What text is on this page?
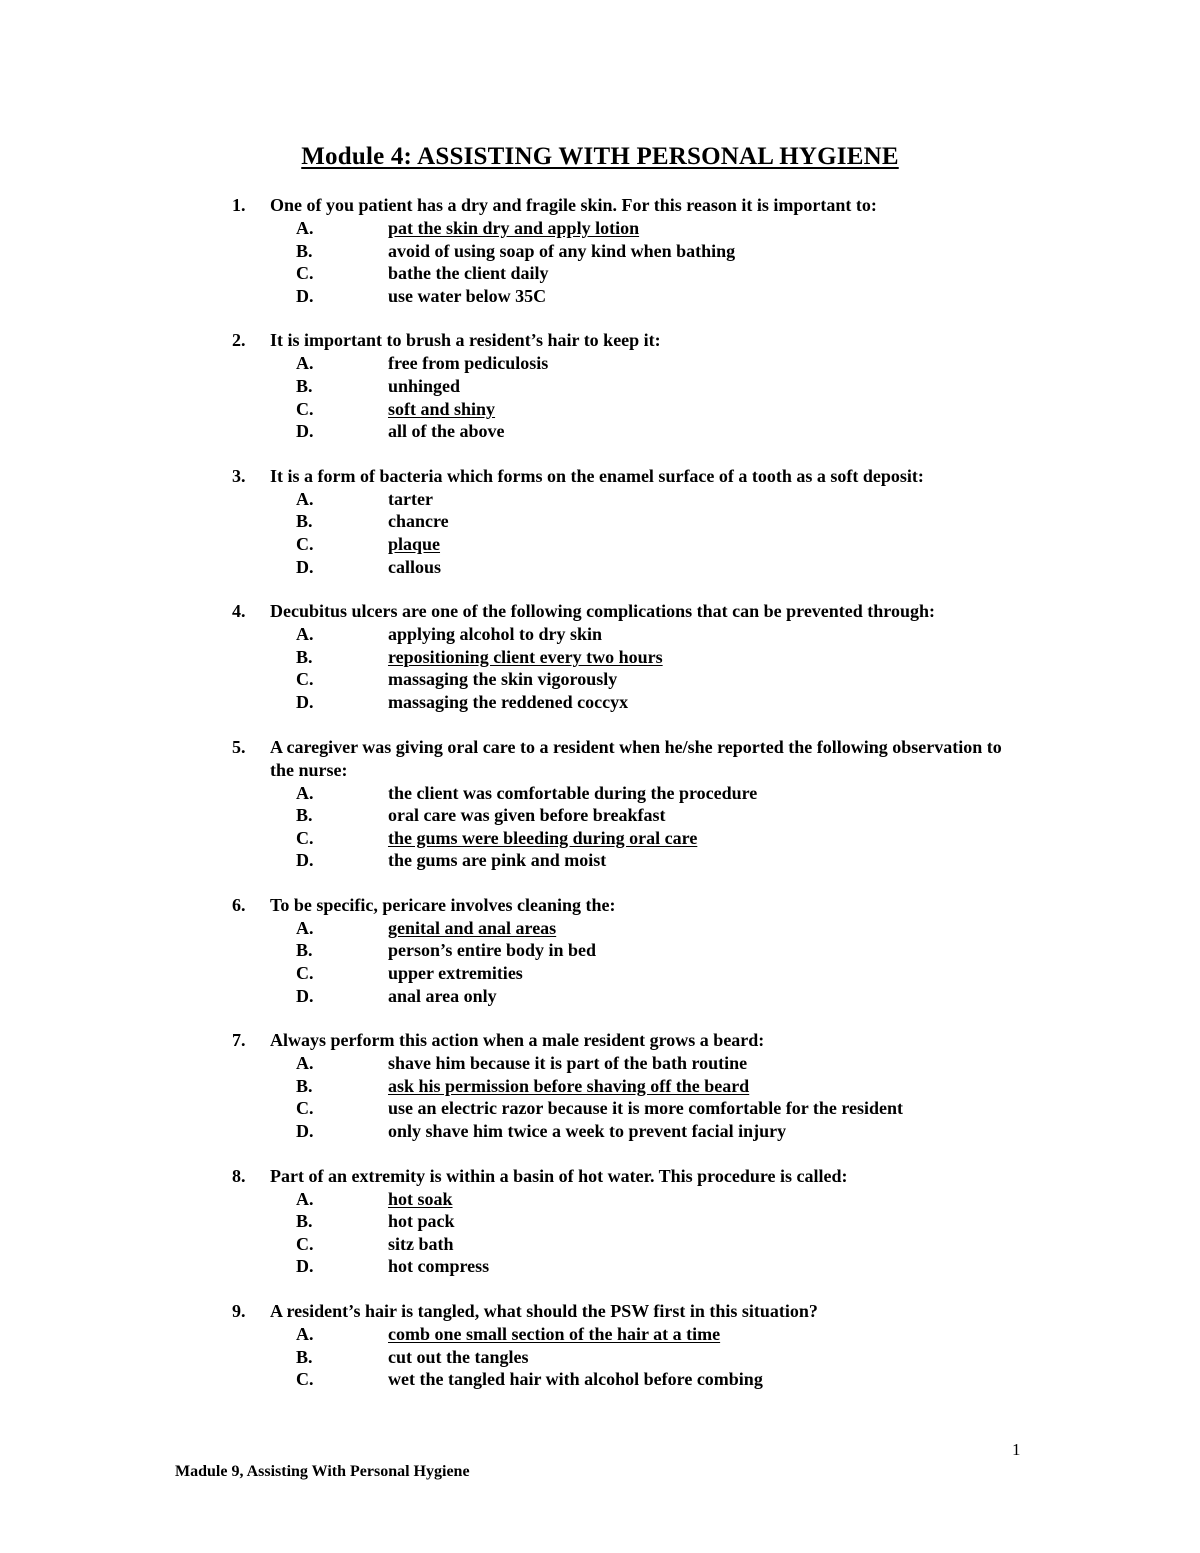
Module 4: ASSISTING WITH PERSONAL HYGIENE
1. One of you patient has a dry and fragile skin. For this reason it is important to:
A.	pat the skin dry and apply lotion
B.	avoid of using soap of any kind when bathing
C.	bathe the client daily
D.	use water below 35C
2. It is important to brush a resident’s hair to keep it:
A.	free from pediculosis
B.	unhinged
C.	soft and shiny
D.	all of the above
3. It is a form of bacteria which forms on the enamel surface of a tooth as a soft deposit:
A.	tarter
B.	chancre
C.	plaque
D.	callous
4. Decubitus ulcers are one of the following complications that can be prevented through:
A.	applying alcohol to dry skin
B.	repositioning client every two hours
C.	massaging the skin vigorously
D.	massaging the reddened coccyx
5. A caregiver was giving oral care to a resident when he/she reported the following observation to the nurse:
A.	the client was comfortable during the procedure
B.	oral care was given before breakfast
C.	the gums were bleeding during oral care
D.	the gums are pink and moist
6. To be specific, pericare involves cleaning the:
A.	genital and anal areas
B.	person’s entire body in bed
C.	upper extremities
D.	anal area only
7. Always perform this action when a male resident grows a beard:
A.	shave him because it is part of the bath routine
B.	ask his permission before shaving off the beard
C.	use an electric razor because it is more comfortable for the resident
D.	only shave him twice a week to prevent facial injury
8. Part of an extremity is within a basin of hot water. This procedure is called:
A.	hot soak
B.	hot pack
C.	sitz bath
D.	hot compress
9. A resident’s hair is tangled, what should the PSW first in this situation?
A.	comb one small section of the hair at a time
B.	cut out the tangles
C.	wet the tangled hair with alcohol before combing
1
Madule 9, Assisting With Personal Hygiene
